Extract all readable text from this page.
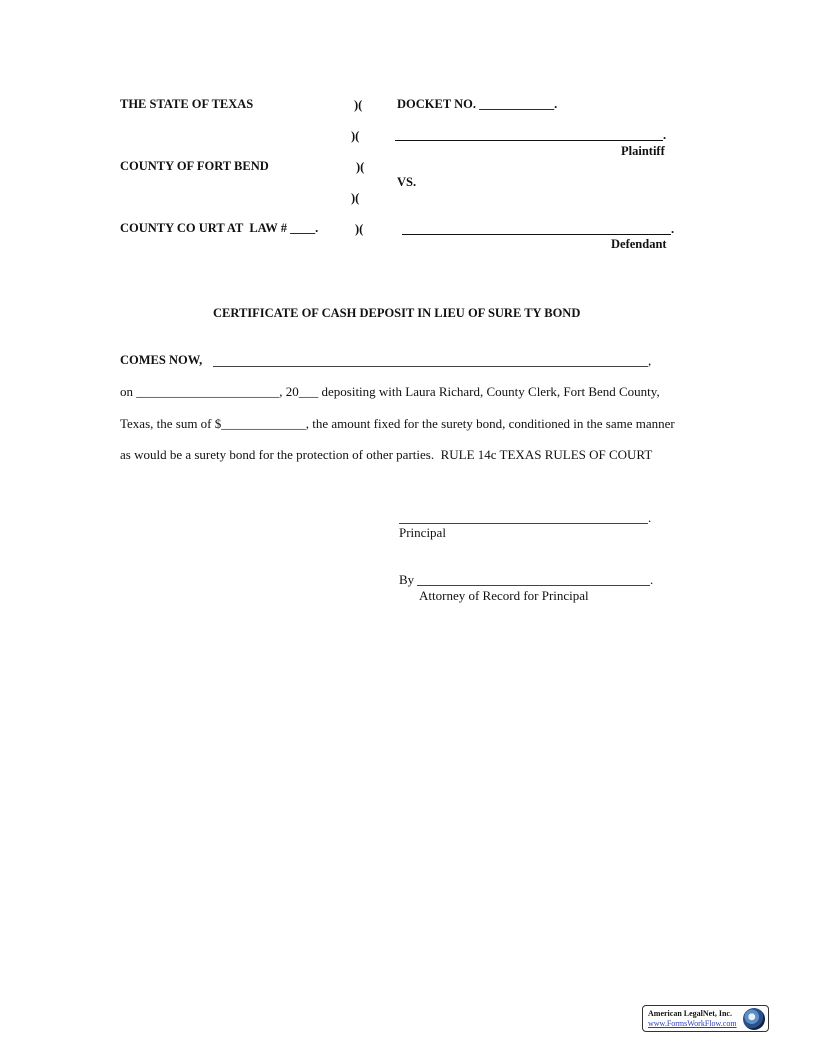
THE STATE OF TEXAS
COUNTY OF FORT BEND
COUNTY CO URT AT  LAW # ____.
)(
)(
)(
)(
)(
DOCKET NO. ____________.
.
Plaintiff
VS.
.
Defendant
CERTIFICATE OF CASH DEPOSIT IN LIEU OF SURE TY BOND
COMES NOW,	,
on ______________________, 20___ depositing with Laura Richard, County Clerk, Fort Bend County,
Texas, the sum of $_____________, the amount fixed for the surety bond, conditioned in the same manner
as would be a surety bond for the protection of other parties.  RULE 14c TEXAS RULES OF COURT
.
Principal
By	.
Attorney of Record for Principal
American LegalNet, Inc.
www.FormsWorkFlow.com
